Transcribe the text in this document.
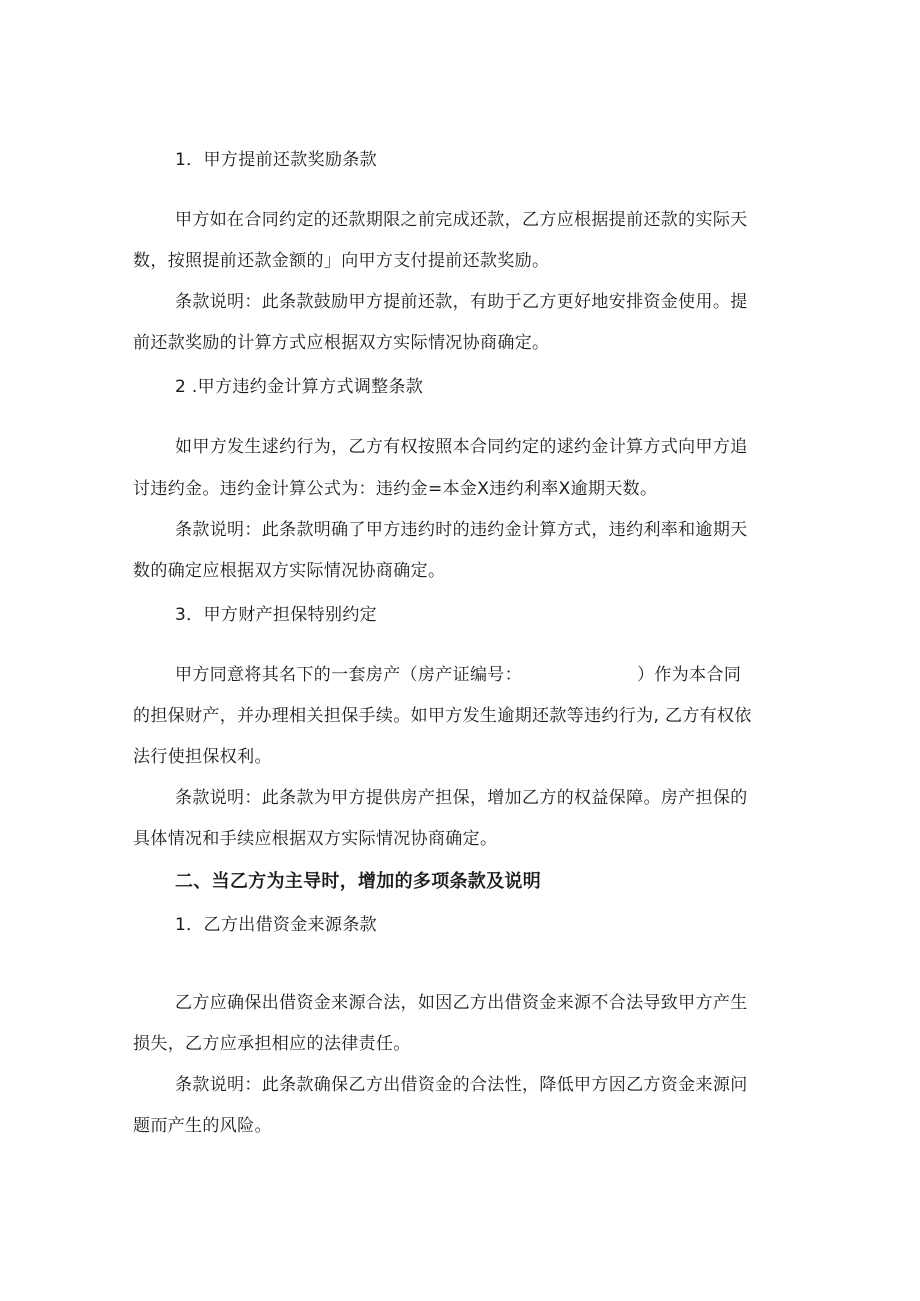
1．甲方提前还款奖励条款
甲方如在合同约定的还款期限之前完成还款，乙方应根据提前还款的实际天
数，按照提前还款金额的」向甲方支付提前还款奖励。
条款说明：此条款鼓励甲方提前还款，有助于乙方更好地安排资金使用。提
前还款奖励的计算方式应根据双方实际情况协商确定。
2 .甲方违约金计算方式调整条款
如甲方发生逑约行为，乙方有权按照本合同约定的逑约金计算方式向甲方追
讨违约金。违约金计算公式为：违约金=本金X违约利率X逾期天数。
条款说明：此条款明确了甲方违约时的违约金计算方式，违约利率和逾期天
数的确定应根据双方实际情况协商确定。
3．甲方财产担保特别约定
甲方同意将其名下的一套房产（房产证编号：                    ）作为本合同
的担保财产，并办理相关担保手续。如甲方发生逾期还款等违约行为, 乙方有权依
法行使担保权利。
条款说明：此条款为甲方提供房产担保，增加乙方的权益保障。房产担保的
具体情况和手续应根据双方实际情况协商确定。
二、当乙方为主导时，增加的多项条款及说明
1．乙方出借资金来源条款
乙方应确保出借资金来源合法，如因乙方出借资金来源不合法导致甲方产生
损失，乙方应承担相应的法律责任。
条款说明：此条款确保乙方出借资金的合法性，降低甲方因乙方资金来源问
题而产生的风险。
